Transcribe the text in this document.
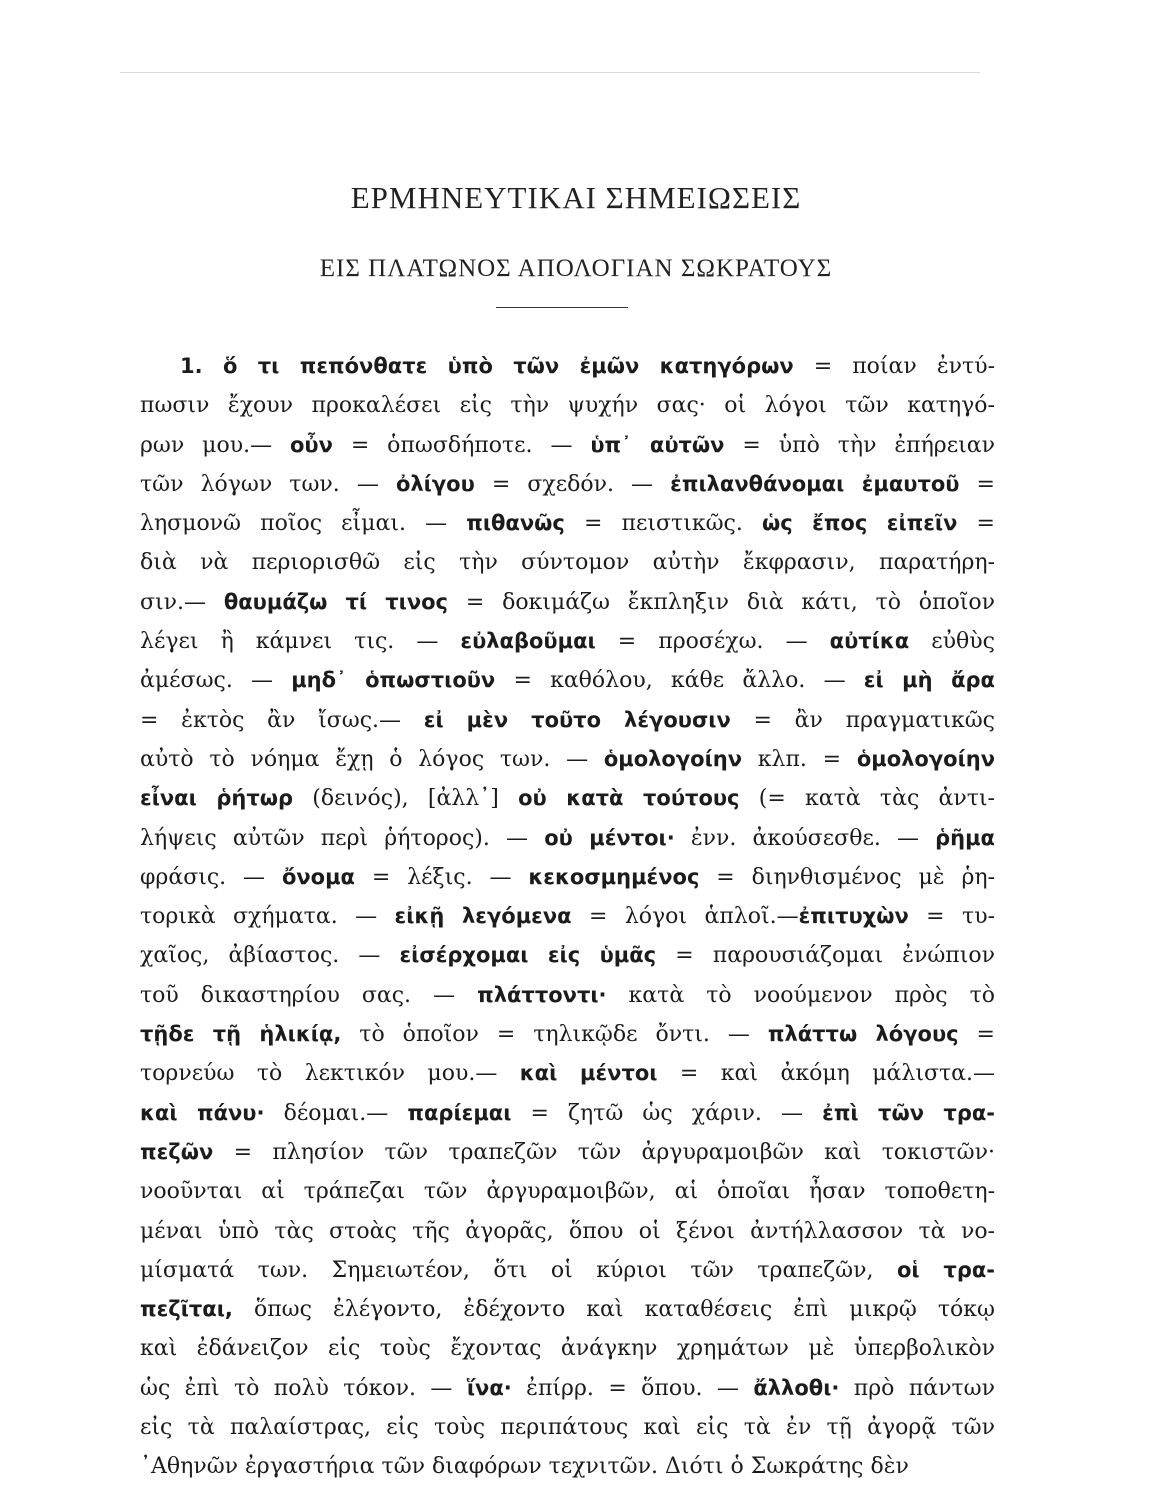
ΕΡΜΗΝΕΥΤΙΚΑΙ ΣΗΜΕΙΩΣΕΙΣ
ΕΙΣ ΠΛΑΤΩΝΟΣ ΑΠΟΛΟΓΙΑΝ ΣΩΚΡΑΤΟΥΣ
1. ὅ τι πεπόνθατε ὑπὸ τῶν ἐμῶν κατηγόρων = ποίαν ἐντύ-
πωσιν ἔχουν προκαλέσει εἰς τὴν ψυχήν σας· οἱ λόγοι τῶν κατηγό-
ρων μου.— οὖν = ὁπωσδήποτε. — ὑπ᾽ αὐτῶν = ὑπὸ τὴν ἐπήρειαν
τῶν λόγων των. — ὀλίγου = σχεδόν. — ἐπιλανθάνομαι ἐμαυτοῦ =
λησμονῶ ποῖος εἶμαι. — πιθανῶς = πειστικῶς. ὡς ἔπος εἰπεῖν =
διὰ νὰ περιορισθῶ εἰς τὴν σύντομον αὐτὴν ἔκφρασιν, παρατήρη-
σιν.— θαυμάζω τί τινος = δοκιμάζω ἔκπληξιν διὰ κάτι, τὸ ὁποῖον
λέγει ἢ κάμνει τις. — εὐλαβοῦμαι = προσέχω. — αὐτίκα εὐθὺς
ἀμέσως. — μηδ᾽ ὁπωστιοῦν = καθόλου, κάθε ἄλλο. — εἰ μὴ ἄρα
= ἐκτὸς ἂν ἴσως.— εἰ μὲν τοῦτο λέγουσιν = ἂν πραγματικῶς
αὐτὸ τὸ νόημα ἔχῃ ὁ λόγος των. — ὁμολογοίην κλπ. = ὁμολογοίην
εἶναι ῥήτωρ (δεινός), [ἀλλ᾽] οὐ κατὰ τούτους (= κατὰ τὰς ἀντι-
λήψεις αὐτῶν περὶ ῥήτορος). — οὐ μέντοι· ἐνν. ἀκούσεσθε. — ῥῆμα
φράσις. — ὄνομα = λέξις. — κεκοσμημένος = διηνθισμένος μὲ ῥη-
τορικὰ σχήματα. — εἰκῇ λεγόμενα = λόγοι ἁπλοῖ.—ἐπιτυχὼν = τυ-
χαῖος, ἀβίαστος. — εἰσέρχομαι εἰς ὑμᾶς = παρουσιάζομαι ἐνώπιον
τοῦ δικαστηρίου σας. — πλάττοντι· κατὰ τὸ νοούμενον πρὸς τὸ
τῇδε τῇ ἡλικίᾳ, τὸ ὁποῖον = τηλικῷδε ὄντι. — πλάττω λόγους =
τορνεύω τὸ λεκτικόν μου.— καὶ μέντοι = καὶ ἀκόμη μάλιστα.—
καὶ πάνυ· δέομαι.— παρίεμαι = ζητῶ ὡς χάριν. — ἐπὶ τῶν τρα-
πεζῶν = πλησίον τῶν τραπεζῶν τῶν ἀργυραμοιβῶν καὶ τοκιστῶν·
νοοῦνται αἱ τράπεζαι τῶν ἀργυραμοιβῶν, αἱ ὁποῖαι ἦσαν τοποθετη-
μέναι ὑπὸ τὰς στοὰς τῆς ἀγορᾶς, ὅπου οἱ ξένοι ἀντήλλασσον τὰ νο-
μίσματά των. Σημειωτέον, ὅτι οἱ κύριοι τῶν τραπεζῶν, οἱ τρα-
πεζῖται, ὅπως ἐλέγοντο, ἐδέχοντο καὶ καταθέσεις ἐπὶ μικρῷ τόκῳ
καὶ ἐδάνειζον εἰς τοὺς ἔχοντας ἀνάγκην χρημάτων μὲ ὑπερβολικὸν
ὡς ἐπὶ τὸ πολὺ τόκον. — ἵνα· ἐπίρρ. = ὅπου. — ἄλλοθι· πρὸ πάντων
εἰς τὰ παλαίστρας, εἰς τοὺς περιπάτους καὶ εἰς τὰ ἐν τῇ ἀγορᾷ τῶν
᾽Αθηνῶν ἐργαστήρια τῶν διαφόρων τεχνιτῶν. Διότι ὁ Σωκράτης δὲν
